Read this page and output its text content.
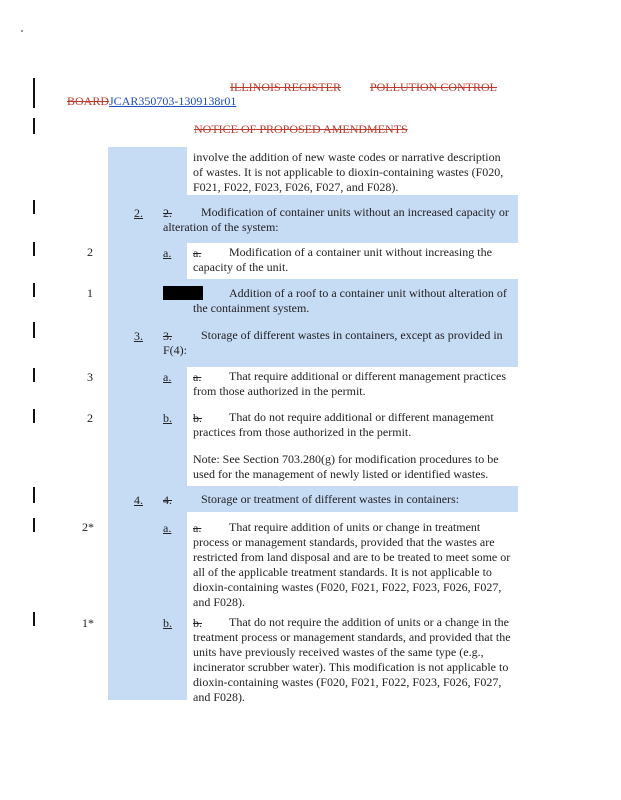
ILLINOIS REGISTER POLLUTION CONTROL
BOARDJCAR350703-1309138r01
NOTICE OF PROPOSED AMENDMENTS
involve the addition of new waste codes or narrative description of wastes. It is not applicable to dioxin-containing wastes (F020, F021, F022, F023, F026, F027, and F028).
2. 2.	Modification of container units without an increased capacity or alteration of the system:
2	a. a.	Modification of a container unit without increasing the capacity of the unit.
1	Addition of a roof to a container unit without alteration of the containment system.
3. 3. Storage of different wastes in containers, except as provided in
F(4):
3	a. a.	That require additional or different management practices from those authorized in the permit.
2	b. b.	That do not require additional or different management practices from those authorized in the permit.
Note: See Section 703.280(g) for modification procedures to be used for the management of newly listed or identified wastes.
4. 4. Storage or treatment of different wastes in containers:
2*	a. a.	That require addition of units or change in treatment process or management standards, provided that the wastes are restricted from land disposal and are to be treated to meet some or all of the applicable treatment standards. It is not applicable to dioxin-containing wastes (F020, F021, F022, F023, F026, F027, and F028).
1*	b. b.	That do not require the addition of units or a change in the treatment process or management standards, and provided that the units have previously received wastes of the same type (e.g., incinerator scrubber water). This modification is not applicable to dioxin-containing wastes (F020, F021, F022, F023, F026, F027, and F028).
